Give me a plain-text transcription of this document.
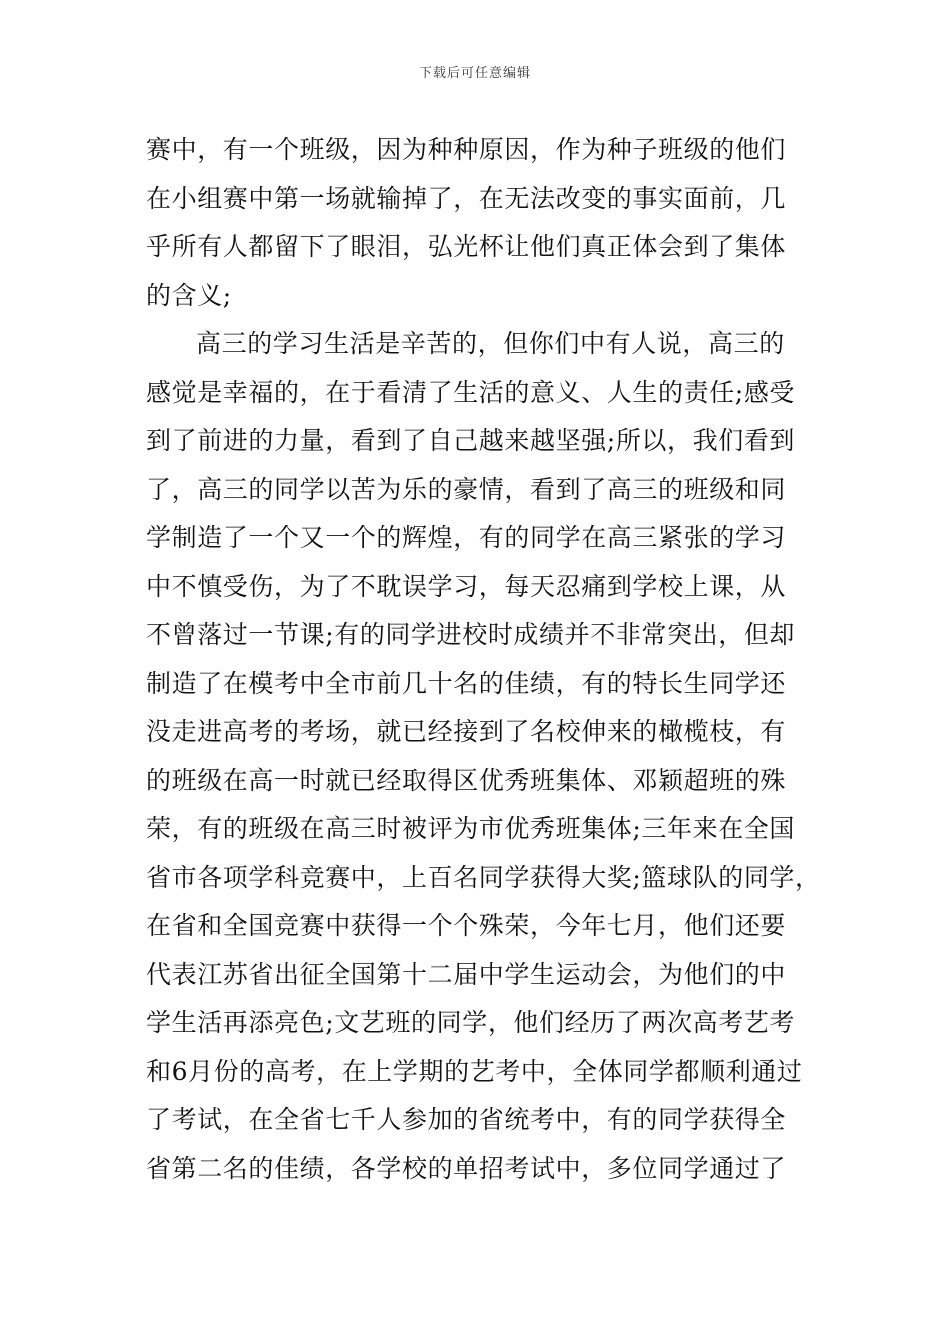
下载后可任意编辑
赛中，有一个班级，因为种种原因，作为种子班级的他们
在小组赛中第一场就输掉了，在无法改变的事实面前，几
乎所有人都留下了眼泪，弘光杯让他们真正体会到了集体
的含义;
高三的学习生活是辛苦的，但你们中有人说，高三的
感觉是幸福的，在于看清了生活的意义、人生的责任;感受
到了前进的力量，看到了自己越来越坚强;所以，我们看到
了，高三的同学以苦为乐的豪情，看到了高三的班级和同
学制造了一个又一个的辉煌，有的同学在高三紧张的学习
中不慎受伤，为了不耽误学习，每天忍痛到学校上课，从
不曾落过一节课;有的同学进校时成绩并不非常突出，但却
制造了在模考中全市前几十名的佳绩，有的特长生同学还
没走进高考的考场，就已经接到了名校伸来的橄榄枝，有
的班级在高一时就已经取得区优秀班集体、邓颖超班的殊
荣，有的班级在高三时被评为市优秀班集体;三年来在全国
省市各项学科竞赛中，上百名同学获得大奖;篮球队的同学，
在省和全国竞赛中获得一个个殊荣，今年七月，他们还要
代表江苏省出征全国第十二届中学生运动会，为他们的中
学生活再添亮色;文艺班的同学，他们经历了两次高考艺考
和6月份的高考，在上学期的艺考中，全体同学都顺利通过
了考试，在全省七千人参加的省统考中，有的同学获得全
省第二名的佳绩，各学校的单招考试中，多位同学通过了
